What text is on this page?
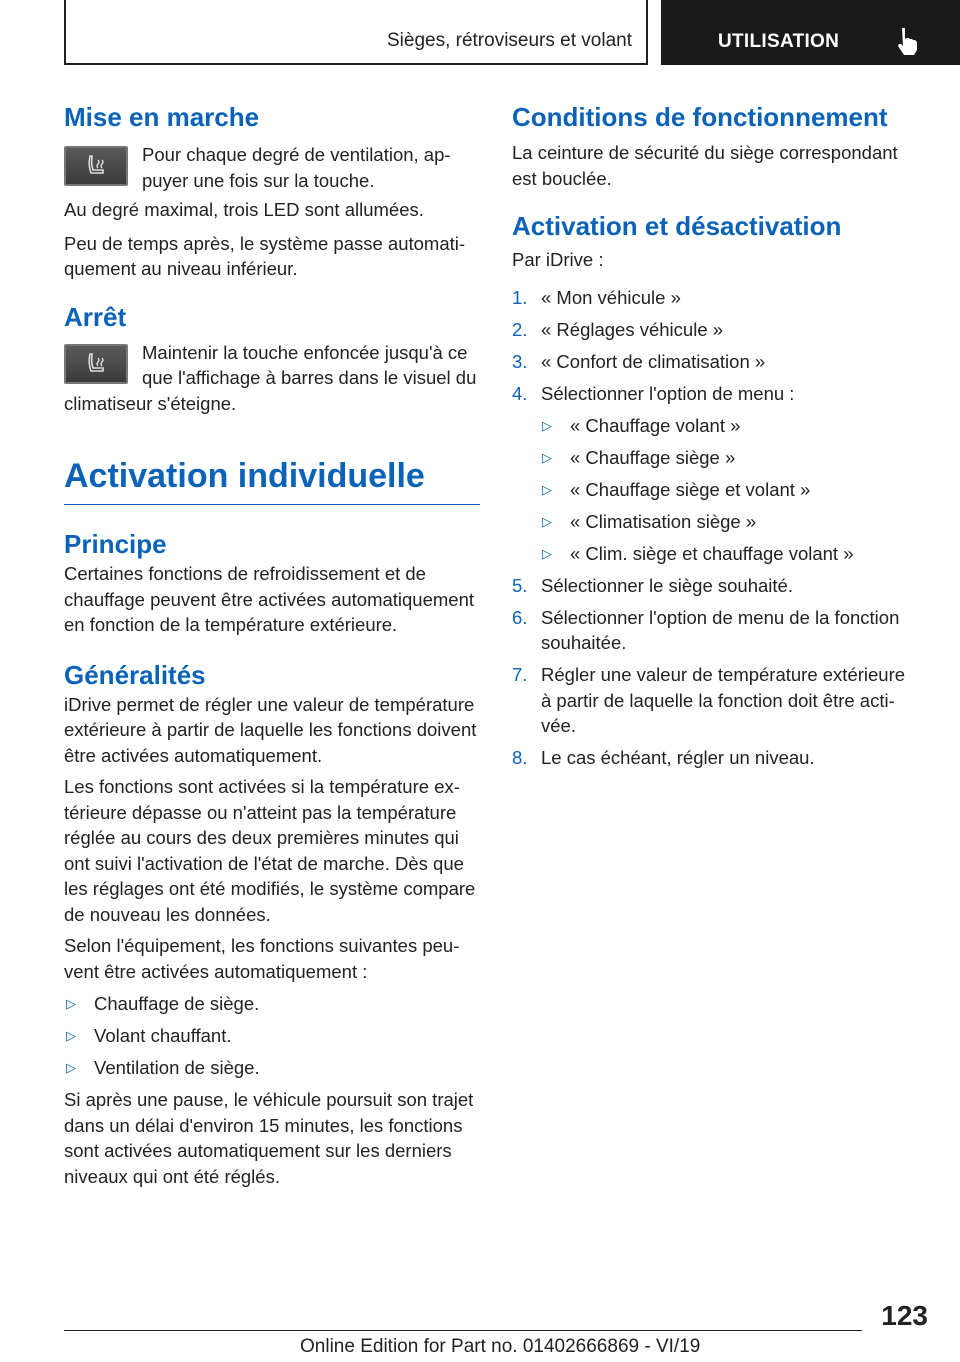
Sièges, rétroviseurs et volant	UTILISATION
Mise en marche

Pour chaque degré de ventilation, appuyer une fois sur la touche.

Au degré maximal, trois LED sont allumées.

Peu de temps après, le système passe automatiquement au niveau inférieur.

Arrêt

Maintenir la touche enfoncée jusqu'à ce que l'affichage à barres dans le visuel du climatiseur s'éteigne.

Activation individuelle
Principe

Certaines fonctions de refroidissement et de chauffage peuvent être activées automatiquement en fonction de la température extérieure.

Généralités

iDrive permet de régler une valeur de température extérieure à partir de laquelle les fonctions doivent être activées automatiquement.

Les fonctions sont activées si la température extérieure dépasse ou n'atteint pas la température réglée au cours des deux premières minutes qui ont suivi l'activation de l'état de marche. Dès que les réglages ont été modifiés, le système compare de nouveau les données.

Selon l'équipement, les fonctions suivantes peuvent être activées automatiquement :

▷ Chauffage de siège.
▷ Volant chauffant.
▷ Ventilation de siège.

Si après une pause, le véhicule poursuit son trajet dans un délai d'environ 15 minutes, les fonctions sont activées automatiquement sur les derniers niveaux qui ont été réglés.

Conditions de fonctionnement

La ceinture de sécurité du siège correspondant est bouclée.

Activation et désactivation

Par iDrive :

1. « Mon véhicule »
2. « Réglages véhicule »
3. « Confort de climatisation »
4. Sélectionner l'option de menu :
▷ « Chauffage volant »
▷ « Chauffage siège »
▷ « Chauffage siège et volant »
▷ « Climatisation siège »
▷ « Clim. siège et chauffage volant »
5. Sélectionner le siège souhaité.
6. Sélectionner l'option de menu de la fonction souhaitée.
7. Régler une valeur de température extérieure à partir de laquelle la fonction doit être activée.
8. Le cas échéant, régler un niveau.
123
Online Edition for Part no. 01402666869 - VI/19
